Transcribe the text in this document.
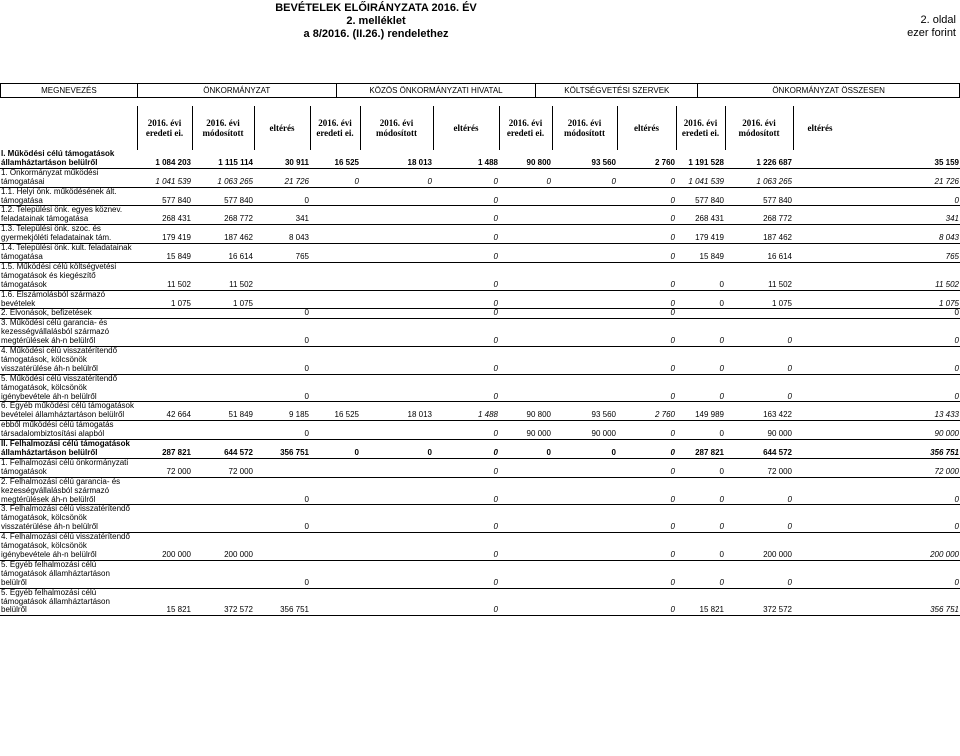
BEVÉTELEK ELŐIRÁNYZATA 2016. ÉV
2. melléklet
a 8/2016. (II.26.) rendelethez
2. oldal
ezer forint
MEGNEVEZÉS	ÖNKORMÁNYZAT	KÖZÖS ÖNKORMÁNYZATI HIVATAL	KÖLTSÉGVETÉSI SZERVEK	ÖNKORMÁNYZAT ÖSSZESEN
	2016. évi eredeti ei.	2016. évi módosított	eltérés	2016. évi eredeti ei.	2016. évi módosított	eltérés	2016. évi eredeti ei.	2016. évi módosított	eltérés	2016. évi eredeti ei.	2016. évi módosított	eltérés
I. Működési célú támogatások államháztartáson belülről	1 084 203	1 115 114	30 911	16 525	18 013	1 488	90 800	93 560	2 760	1 191 528	1 226 687	35 159
1. Önkormányzat működési támogatásai	1 041 539	1 063 265	21 726	0	0	0	0	0	0	1 041 539	1 063 265	21 726
1.1. Helyi önk. működésének ált. támogatása	577 840	577 840	0			0			0	577 840	577 840	0
1.2. Települési önk. egyes köznev. feladatainak támogatása	268 431	268 772	341			0			0	268 431	268 772	341
1.3. Települési önk. szoc. és gyermekjóléti feladatainak tám.	179 419	187 462	8 043			0			0	179 419	187 462	8 043
1.4. Települési önk. kult. feladatainak támogatása	15 849	16 614	765			0			0	15 849	16 614	765
1.5. Működési célú költségvetési támogatások és kiegészítő támogatások	11 502	11 502				0			0	0	11 502	11 502
1.6. Elszámolásból származó bevételek	1 075	1 075				0			0	0	1 075	1 075
2. Elvonások, befizetések			0			0			0			0
3. Működési célú garancia- és kezességvállalásból származó megtérülések áh-n belülről			0			0			0	0	0	0
4. Működési célú visszatérítendő támogatások, kölcsönök visszatérülése áh-n belülről			0			0			0	0	0	0
5. Működési célú visszatérítendő támogatások, kölcsönök igénybevétele áh-n belülről			0			0			0	0	0	0
6. Egyéb működési célú támogatások bevételei államháztartáson belülről	42 664	51 849	9 185	16 525	18 013	1 488	90 800	93 560	2 760	149 989	163 422	13 433
ebből működési célú támogatás társadalombiztosítási alapból			0			0	90 000	90 000	0	0	90 000	90 000
II. Felhalmozási célú támogatások államháztartáson belülről	287 821	644 572	356 751	0	0	0	0	0	0	287 821	644 572	356 751
1. Felhalmozási célú önkormányzati támogatások	72 000	72 000				0			0	0	72 000	72 000
2. Felhalmozási célú garancia- és kezességvállalásból származó megtérülések áh-n belülről			0			0			0	0	0	0
3. Felhalmozási célú visszatérítendő támogatások, kölcsönök visszatérülése áh-n belülről			0			0			0	0	0	0
4. Felhalmozási célú visszatérítendő támogatások, kölcsönök igénybevétele áh-n belülről	200 000	200 000				0			0	0	200 000	200 000
5. Egyéb felhalmozási célú támogatások államháztartáson belülről			0			0			0	0	0	0
5. Egyéb felhalmozási célú támogatások államháztartáson belülről	15 821	372 572	356 751			0			0	15 821	372 572	356 751
